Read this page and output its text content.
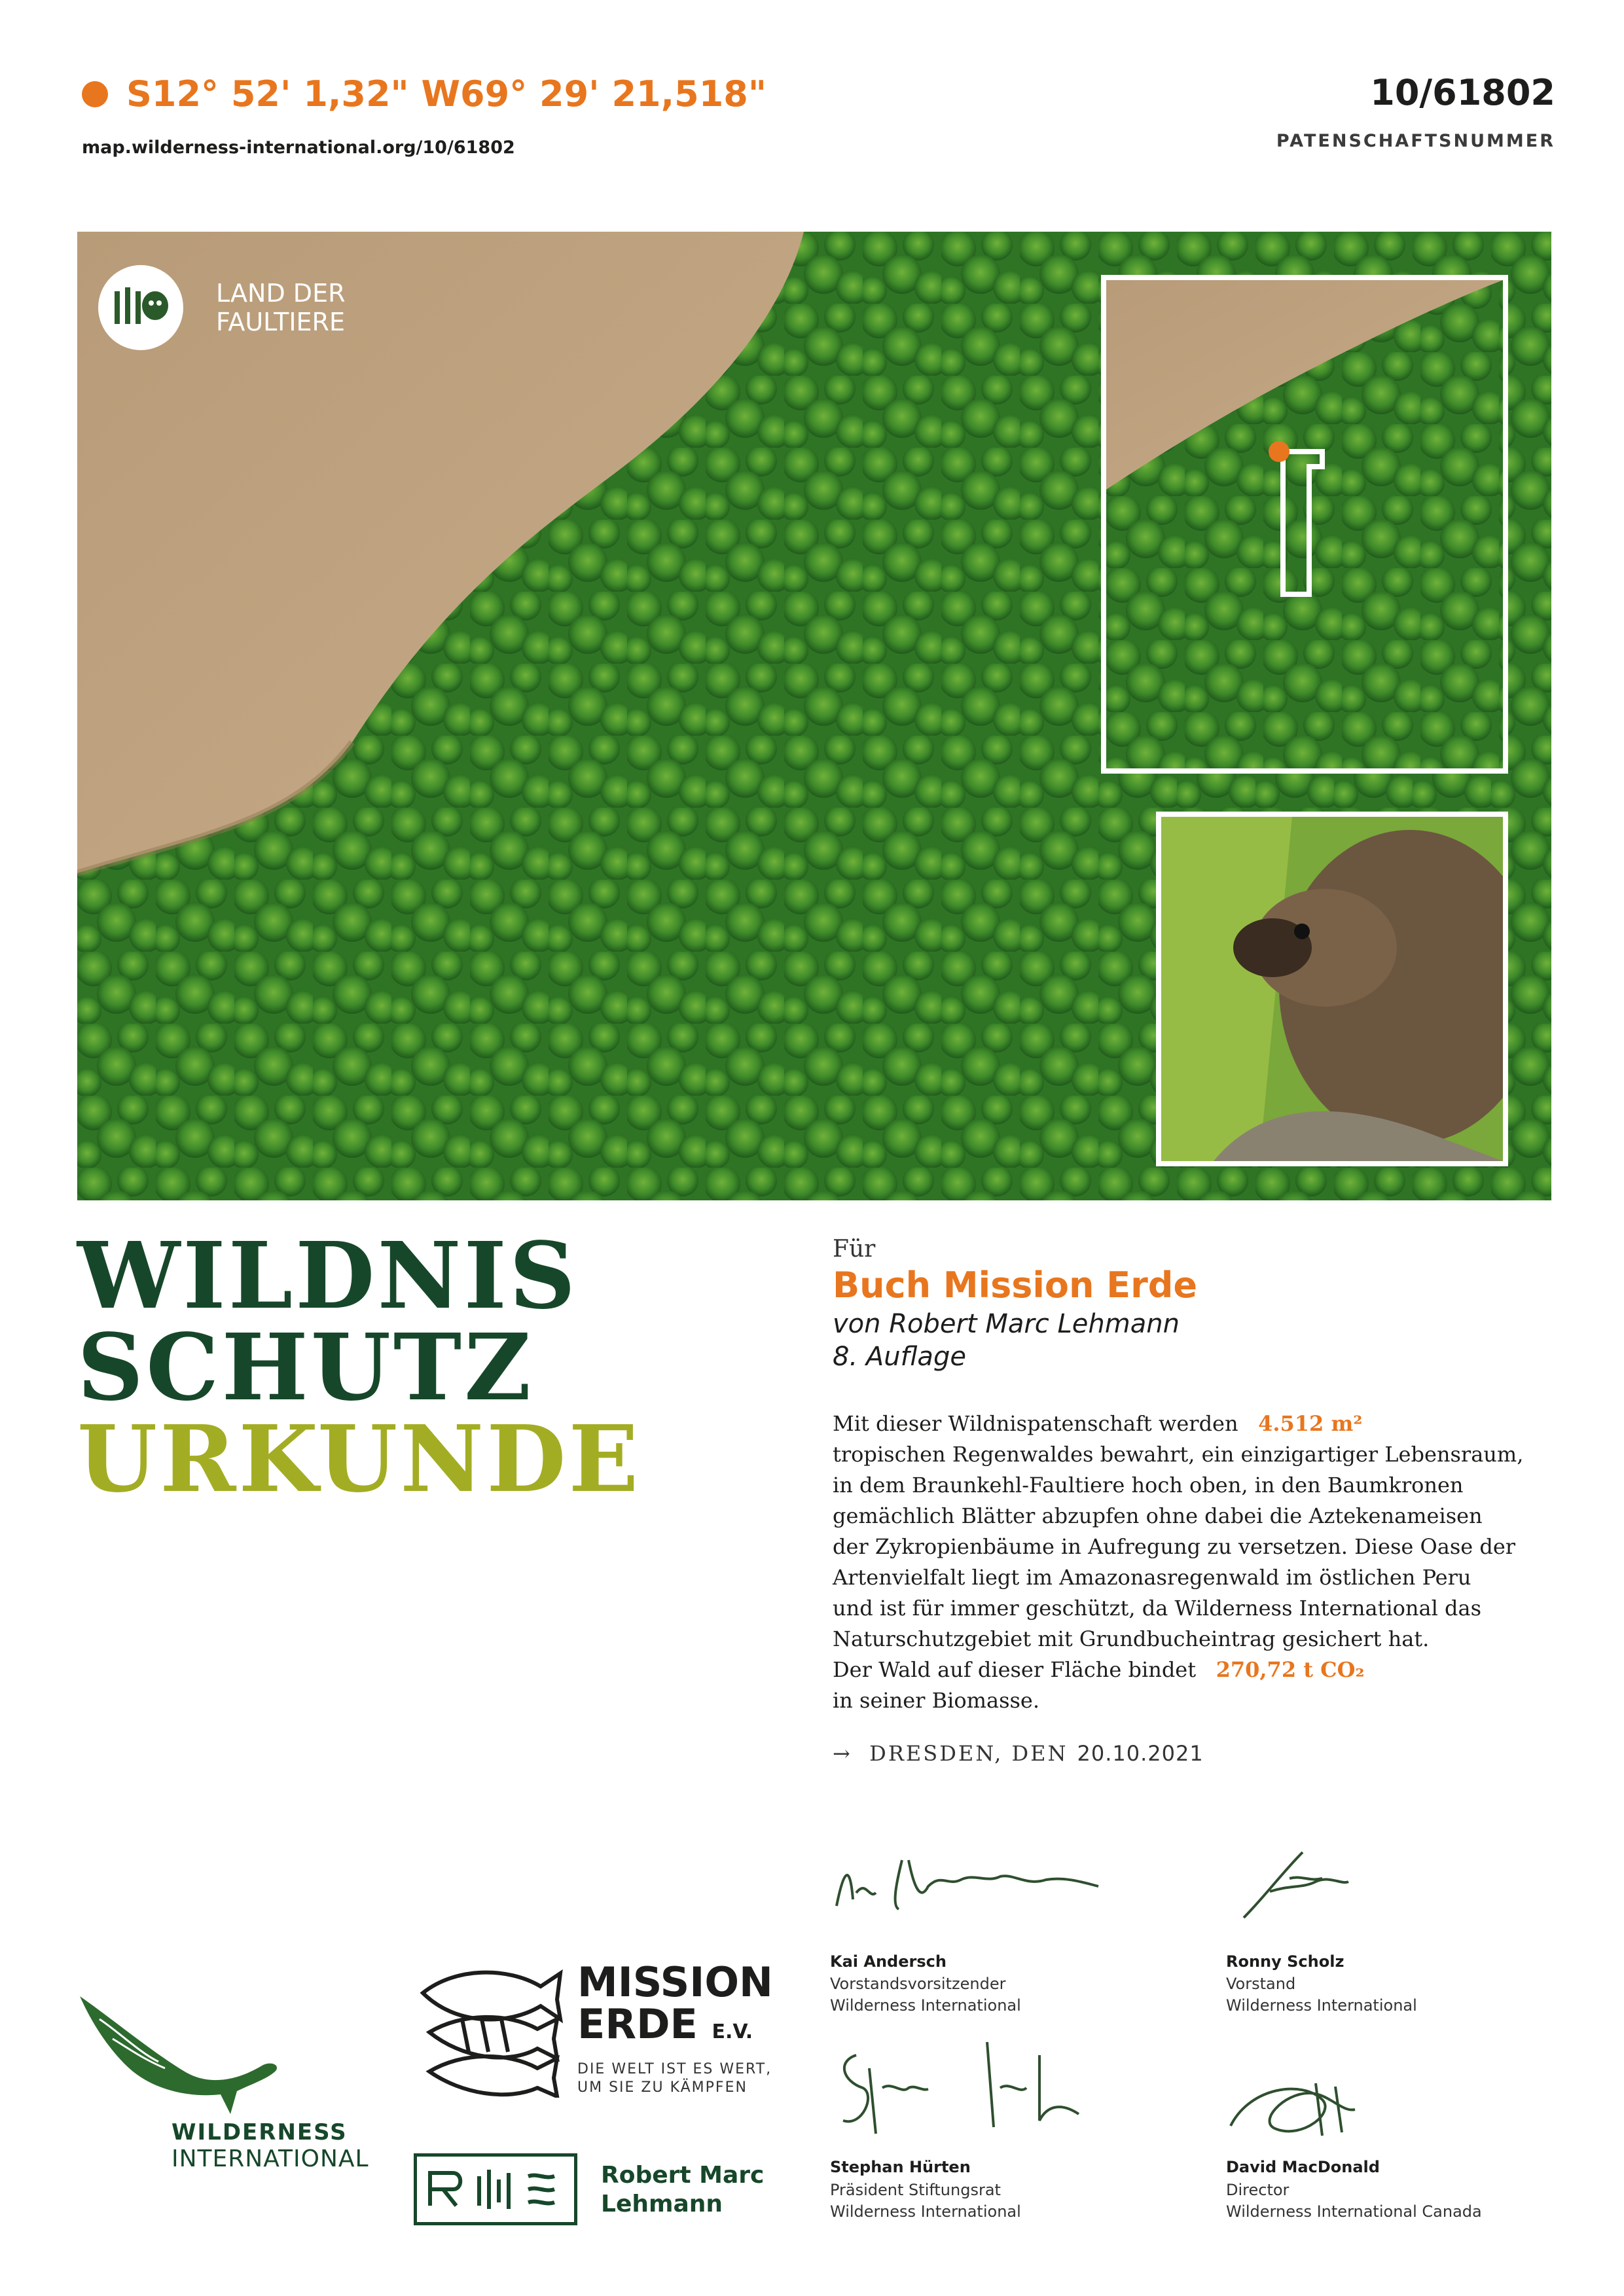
S12° 52' 1,32" W69° 29' 21,518"
map.wilderness-international.org/10/61802
10/61802
PATENSCHAFTSNUMMER
LAND DER
FAULTIERE
WILDNIS
SCHUTZ
URKUNDE
Für
Buch Mission Erde
von Robert Marc Lehmann
8. Auflage

Mit dieser Wildnispatenschaft werden 4.512 m²

tropischen Regenwaldes bewahrt, ein einzigartiger Lebensraum,

in dem Braunkehl-Faultiere hoch oben, in den Baumkronen

gemächlich Blätter abzupfen ohne dabei die Aztekenameisen

der Zykropienbäume in Aufregung zu versetzen. Diese Oase der

Artenvielfalt liegt im Amazonasregenwald im östlichen Peru

und ist für immer geschützt, da Wilderness International das

Naturschutzgebiet mit Grundbucheintrag gesichert hat.

Der Wald auf dieser Fläche bindet 270,72 t CO₂

in seiner Biomasse.

→ DRESDEN, DEN 20.10.2021
Kai Andersch
Vorstandsvorsitzender
Wilderness International
Ronny Scholz
Vorstand
Wilderness International
Stephan Hürten
Präsident Stiftungsrat
Wilderness International
David MacDonald
Director
Wilderness International Canada
WILDERNESS
INTERNATIONAL
MISSION
ERDE E.V.
DIE WELT IST ES WERT,
UM SIE ZU KÄMPFEN
Robert Marc
Lehmann
